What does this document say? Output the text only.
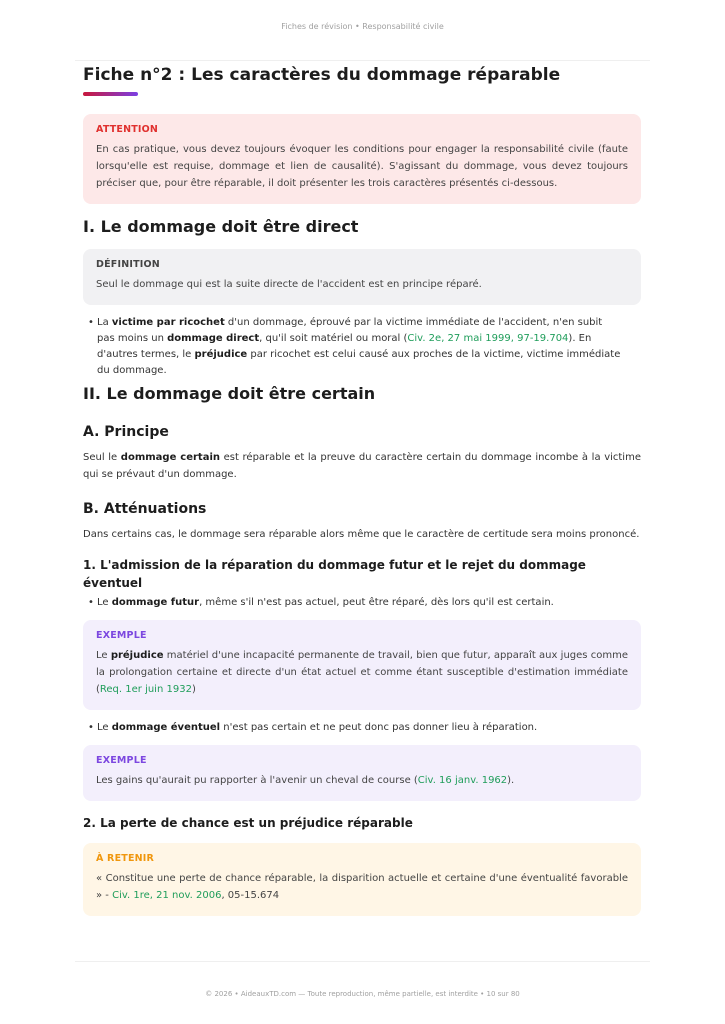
Fiches de révision • Responsabilité civile
Fiche n°2 : Les caractères du dommage réparable
ATTENTION
En cas pratique, vous devez toujours évoquer les conditions pour engager la responsabilité civile (faute lorsqu'elle est requise, dommage et lien de causalité). S'agissant du dommage, vous devez toujours préciser que, pour être réparable, il doit présenter les trois caractères présentés ci-dessous.
I. Le dommage doit être direct
DÉFINITION
Seul le dommage qui est la suite directe de l'accident est en principe réparé.
• La victime par ricochet d'un dommage, éprouvé par la victime immédiate de l'accident, n'en subit pas moins un dommage direct, qu'il soit matériel ou moral (Civ. 2e, 27 mai 1999, 97-19.704). En d'autres termes, le préjudice par ricochet est celui causé aux proches de la victime, victime immédiate du dommage.
II. Le dommage doit être certain
A. Principe

Seul le dommage certain est réparable et la preuve du caractère certain du dommage incombe à la victime qui se prévaut d'un dommage.

B. Atténuations

Dans certains cas, le dommage sera réparable alors même que le caractère de certitude sera moins prononcé.

1. L'admission de la réparation du dommage futur et le rejet du dommage éventuel
• Le dommage futur, même s'il n'est pas actuel, peut être réparé, dès lors qu'il est certain.
EXEMPLE
Le préjudice matériel d'une incapacité permanente de travail, bien que futur, apparaît aux juges comme la prolongation certaine et directe d'un état actuel et comme étant susceptible d'estimation immédiate (Req. 1er juin 1932)
• Le dommage éventuel n'est pas certain et ne peut donc pas donner lieu à réparation.
EXEMPLE
Les gains qu'aurait pu rapporter à l'avenir un cheval de course (Civ. 16 janv. 1962).
2. La perte de chance est un préjudice réparable
À RETENIR
« Constitue une perte de chance réparable, la disparition actuelle et certaine d'une éventualité favorable » - Civ. 1re, 21 nov. 2006, 05-15.674
© 2026 • AideauxTD.com — Toute reproduction, même partielle, est interdite • 10 sur 80
